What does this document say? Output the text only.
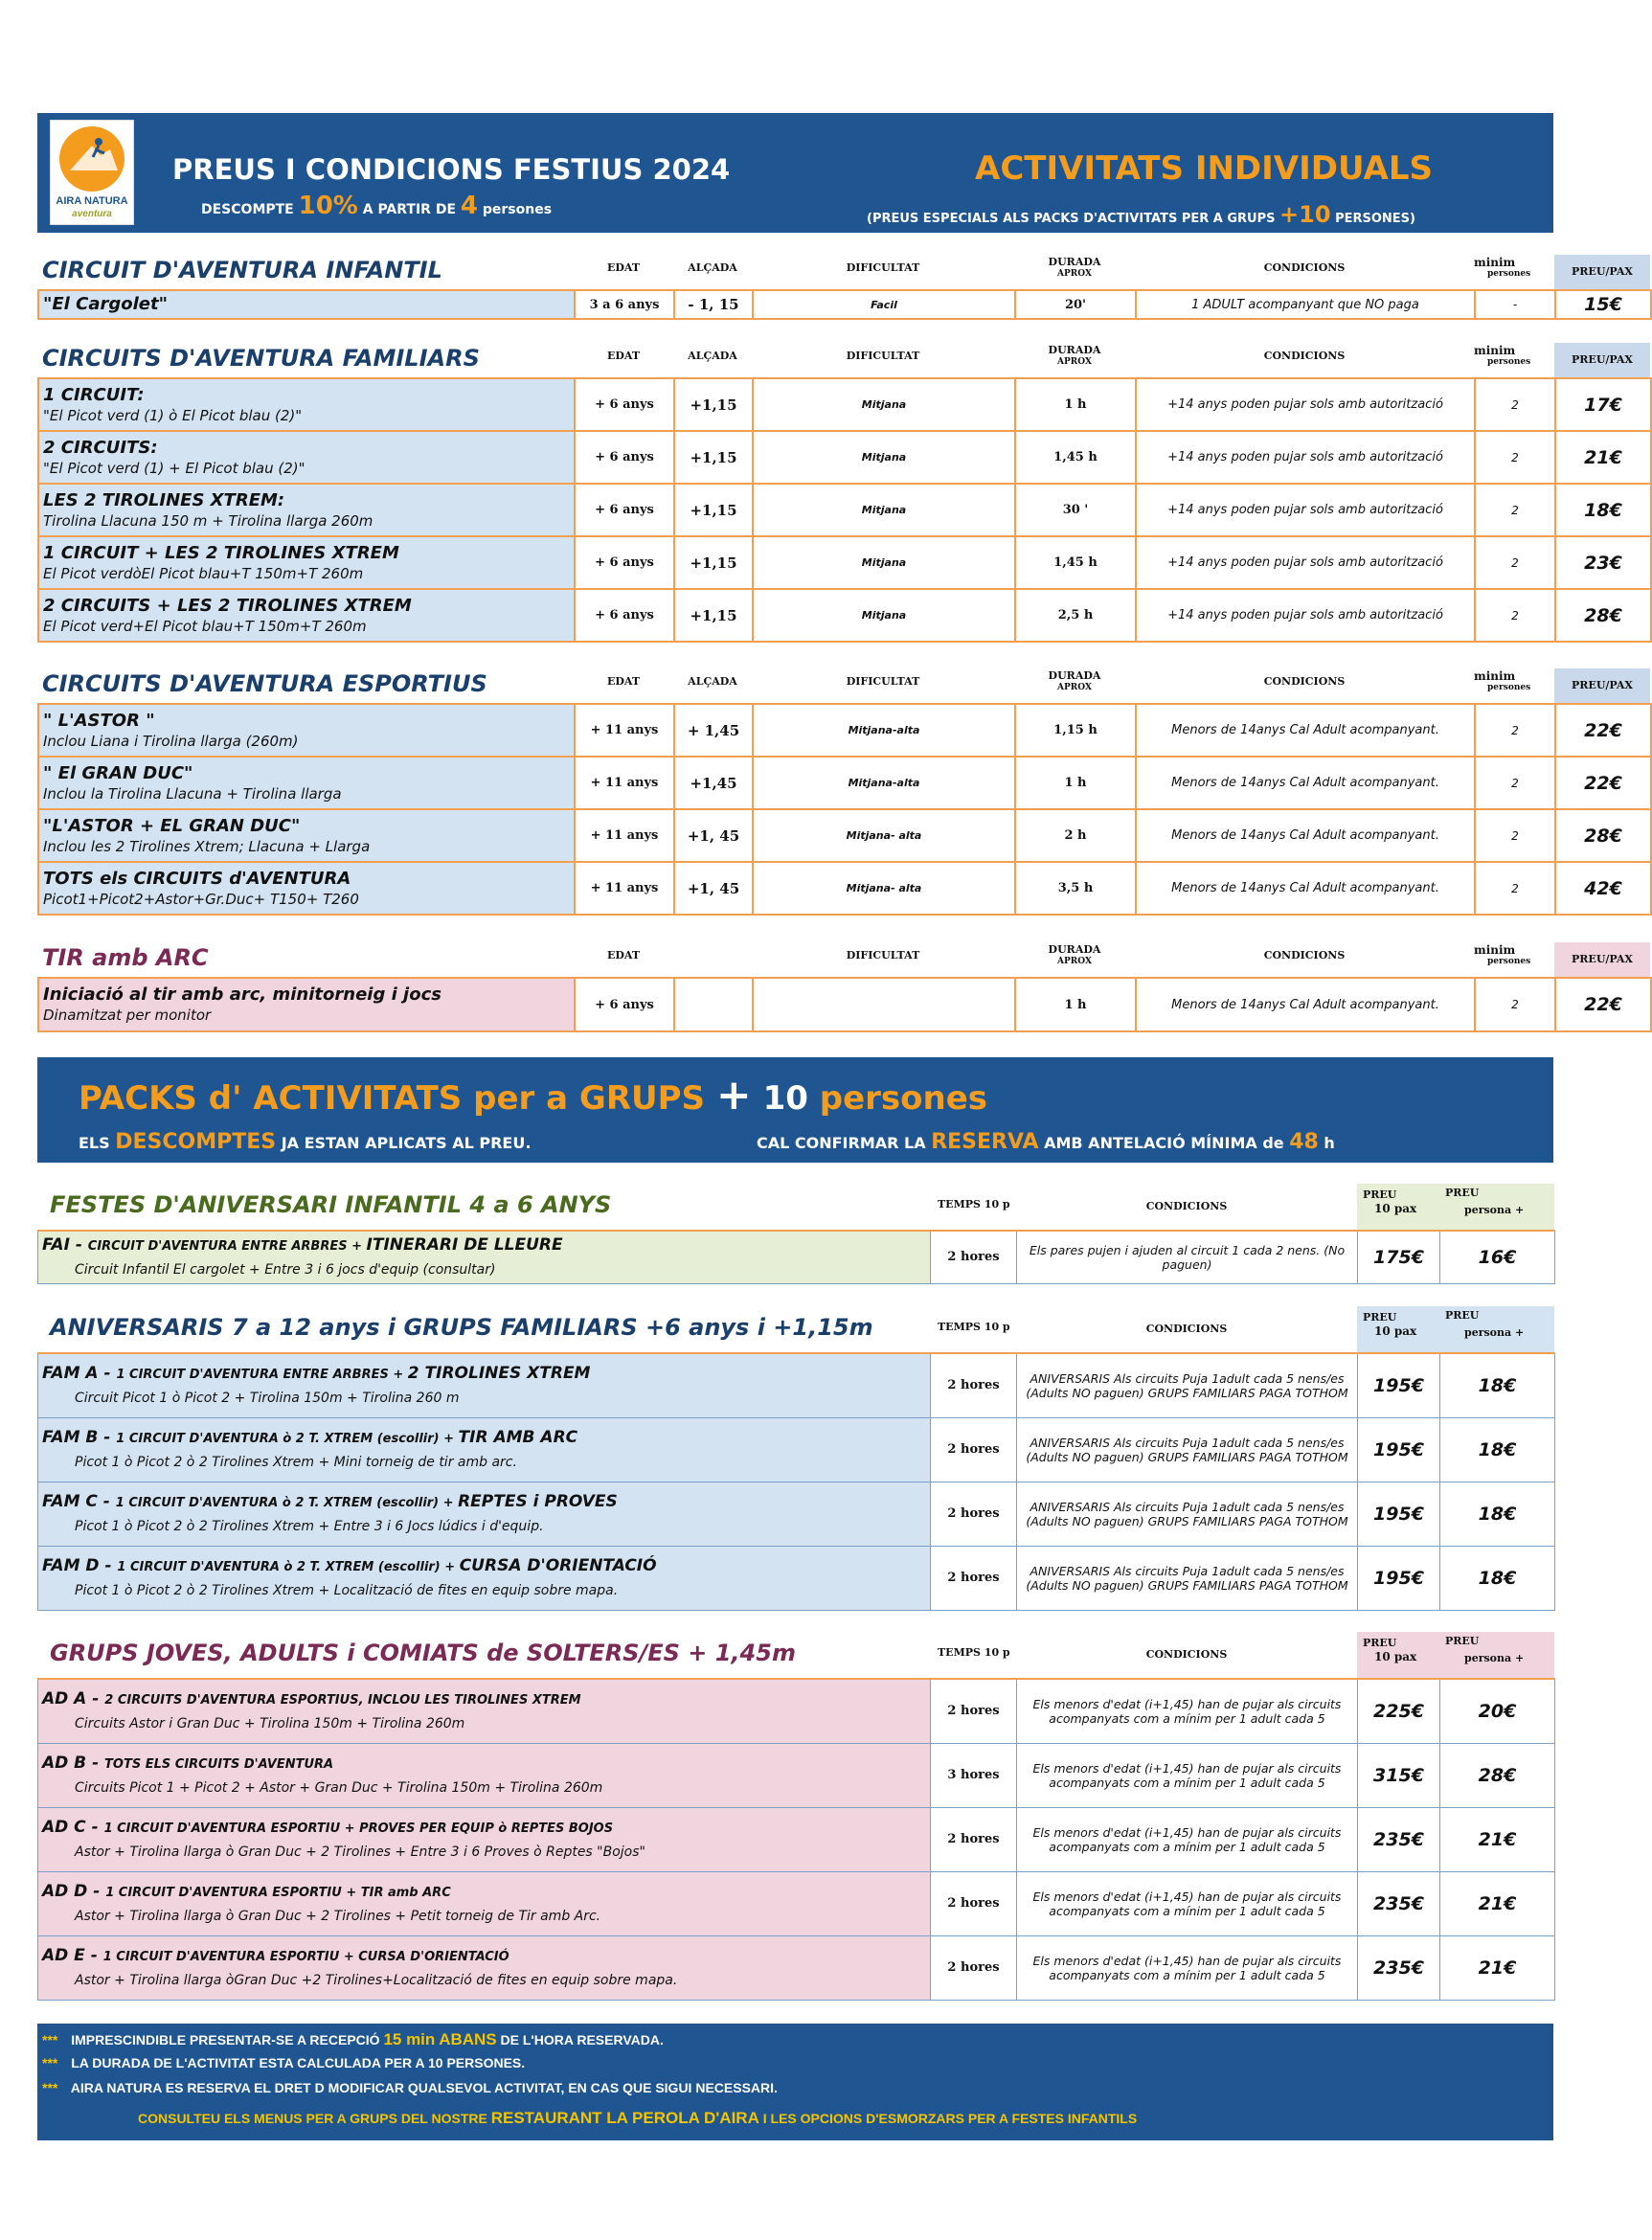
AIRA NATURA
aventura
PREUS I CONDICIONS FESTIUS 2024
DESCOMPTE 10% A PARTIR DE 4 persones
ACTIVITATS INDIVIDUALS
(PREUS ESPECIALS ALS PACKS D'ACTIVITATS PER A GRUPS +10 PERSONES)
CIRCUIT D'AVENTURA INFANTIL	EDAT	ALÇADA	DIFICULTAT	DURADA
APROX	CONDICIONS	minim
persones	PREU/PAX
"El Cargolet"	3 a 6 anys	- 1, 15	Facil	20'	1 ADULT acompanyant que NO paga	-	15€
CIRCUITS D'AVENTURA FAMILIARS	EDAT	ALÇADA	DIFICULTAT	DURADA
APROX	CONDICIONS	minim
persones	PREU/PAX
1 CIRCUIT:
"El Picot verd (1) ò El Picot blau (2)"	+ 6 anys	+1,15	Mitjana	1 h	+14 anys poden pujar sols amb autorització	2	17€

2 CIRCUITS:
"El Picot verd (1) + El Picot blau (2)"	+ 6 anys	+1,15	Mitjana	1,45 h	+14 anys poden pujar sols amb autorització	2	21€

LES 2 TIROLINES XTREM:
Tirolina Llacuna 150 m + Tirolina llarga 260m	+ 6 anys	+1,15	Mitjana	30 '	+14 anys poden pujar sols amb autorització	2	18€

1 CIRCUIT + LES 2 TIROLINES XTREM
El Picot verdòEl Picot blau+T 150m+T 260m	+ 6 anys	+1,15	Mitjana	1,45 h	+14 anys poden pujar sols amb autorització	2	23€

2 CIRCUITS + LES 2 TIROLINES XTREM
El Picot verd+El Picot blau+T 150m+T 260m	+ 6 anys	+1,15	Mitjana	2,5 h	+14 anys poden pujar sols amb autorització	2	28€
CIRCUITS D'AVENTURA ESPORTIUS	EDAT	ALÇADA	DIFICULTAT	DURADA
APROX	CONDICIONS	minim
persones	PREU/PAX
" L'ASTOR "
Inclou Liana i Tirolina llarga (260m)	+ 11 anys	+ 1,45	Mitjana-alta	1,15 h	Menors de 14anys Cal Adult acompanyant.	2	22€

" El GRAN DUC"
Inclou la Tirolina Llacuna + Tirolina llarga	+ 11 anys	+1,45	Mitjana-alta	1 h	Menors de 14anys Cal Adult acompanyant.	2	22€

"L'ASTOR + EL GRAN DUC"
Inclou les 2 Tirolines Xtrem; Llacuna + Llarga	+ 11 anys	+1, 45	Mitjana- alta	2 h	Menors de 14anys Cal Adult acompanyant.	2	28€

TOTS els CIRCUITS d'AVENTURA
Picot1+Picot2+Astor+Gr.Duc+ T150+ T260	+ 11 anys	+1, 45	Mitjana- alta	3,5 h	Menors de 14anys Cal Adult acompanyant.	2	42€
TIR amb ARC	EDAT	DIFICULTAT	DURADA
APROX	CONDICIONS	minim
persones	PREU/PAX
Iniciació al tir amb arc, minitorneig i jocs
Dinamitzat per monitor
	+ 6 anys			1 h	Menors de 14anys Cal Adult acompanyant.	2	22€
PACKS d' ACTIVITATS per a GRUPS + 10 persones
ELS DESCOMPTES JA ESTAN APLICATS AL PREU.	CAL CONFIRMAR LA RESERVA AMB ANTELACIÓ MÍNIMA de 48 h
FESTES D'ANIVERSARI INFANTIL 4 a 6 ANYS	TEMPS 10 p	CONDICIONS
PREU
10 pax
PREU
persona +
FAI - CIRCUIT D'AVENTURA ENTRE ARBRES + ITINERARI DE LLEURE
Circuit Infantil El cargolet + Entre 3 i 6 jocs d'equip (consultar)
	2 hores	Els pares pujen i ajuden al circuit 1 cada 2 nens. (No paguen)	175€	16€
ANIVERSARIS 7 a 12 anys i GRUPS FAMILIARS +6 anys i +1,15m	TEMPS 10 p	CONDICIONS
PREU
10 pax
PREU
persona +
FAM A - 1 CIRCUIT D'AVENTURA ENTRE ARBRES + 2 TIROLINES XTREM
Circuit Picot 1 ò Picot 2 + Tirolina 150m + Tirolina 260 m	2 hores	ANIVERSARIS Als circuits Puja 1adult cada 5 nens/es (Adults NO paguen) GRUPS FAMILIARS PAGA TOTHOM	195€	18€

FAM B - 1 CIRCUIT D'AVENTURA ò 2 T. XTREM (escollir) + TIR AMB ARC
Picot 1 ò Picot 2 ò 2 Tirolines Xtrem + Mini torneig de tir amb arc.	2 hores	ANIVERSARIS Als circuits Puja 1adult cada 5 nens/es (Adults NO paguen) GRUPS FAMILIARS PAGA TOTHOM	195€	18€

FAM C - 1 CIRCUIT D'AVENTURA ò 2 T. XTREM (escollir) + REPTES i PROVES
Picot 1 ò Picot 2 ò 2 Tirolines Xtrem + Entre 3 i 6 Jocs lúdics i d'equip.	2 hores	ANIVERSARIS Als circuits Puja 1adult cada 5 nens/es (Adults NO paguen) GRUPS FAMILIARS PAGA TOTHOM	195€	18€

FAM D - 1 CIRCUIT D'AVENTURA ò 2 T. XTREM (escollir) + CURSA D'ORIENTACIÓ
Picot 1 ò Picot 2 ò 2 Tirolines Xtrem + Localització de fites en equip sobre mapa.	2 hores	ANIVERSARIS Als circuits Puja 1adult cada 5 nens/es (Adults NO paguen) GRUPS FAMILIARS PAGA TOTHOM	195€	18€
GRUPS JOVES, ADULTS i COMIATS de SOLTERS/ES + 1,45m	TEMPS 10 p	CONDICIONS
PREU
10 pax
PREU
persona +
AD A - 2 CIRCUITS D'AVENTURA ESPORTIUS, INCLOU LES TIROLINES XTREM
Circuits Astor i Gran Duc + Tirolina 150m + Tirolina 260m	2 hores	Els menors d'edat (i+1,45) han de pujar als circuits acompanyats com a mínim per 1 adult cada 5	225€	20€

AD B - TOTS ELS CIRCUITS D'AVENTURA
Circuits Picot 1 + Picot 2 + Astor + Gran Duc + Tirolina 150m + Tirolina 260m	3 hores	Els menors d'edat (i+1,45) han de pujar als circuits acompanyats com a mínim per 1 adult cada 5	315€	28€

AD C - 1 CIRCUIT D'AVENTURA ESPORTIU + PROVES PER EQUIP ò REPTES BOJOS
Astor + Tirolina llarga ò Gran Duc + 2 Tirolines + Entre 3 i 6 Proves ò Reptes "Bojos"	2 hores	Els menors d'edat (i+1,45) han de pujar als circuits acompanyats com a mínim per 1 adult cada 5	235€	21€

AD D - 1 CIRCUIT D'AVENTURA ESPORTIU + TIR amb ARC
Astor + Tirolina llarga ò Gran Duc + 2 Tirolines + Petit torneig de Tir amb Arc.	2 hores	Els menors d'edat (i+1,45) han de pujar als circuits acompanyats com a mínim per 1 adult cada 5	235€	21€

AD E - 1 CIRCUIT D'AVENTURA ESPORTIU + CURSA D'ORIENTACIÓ
Astor + Tirolina llarga òGran Duc +2 Tirolines+Localització de fites en equip sobre mapa.	2 hores	Els menors d'edat (i+1,45) han de pujar als circuits acompanyats com a mínim per 1 adult cada 5	235€	21€
*** IMPRESCINDIBLE PRESENTAR-SE A RECEPCIÓ 15 min ABANS DE L'HORA RESERVADA.
*** LA DURADA DE L'ACTIVITAT ESTA CALCULADA PER A 10 PERSONES.
*** AIRA NATURA ES RESERVA EL DRET D MODIFICAR QUALSEVOL ACTIVITAT, EN CAS QUE SIGUI NECESSARI.
CONSULTEU ELS MENUS PER A GRUPS DEL NOSTRE RESTAURANT LA PEROLA D'AIRA I LES OPCIONS D'ESMORZARS PER A FESTES INFANTILS
